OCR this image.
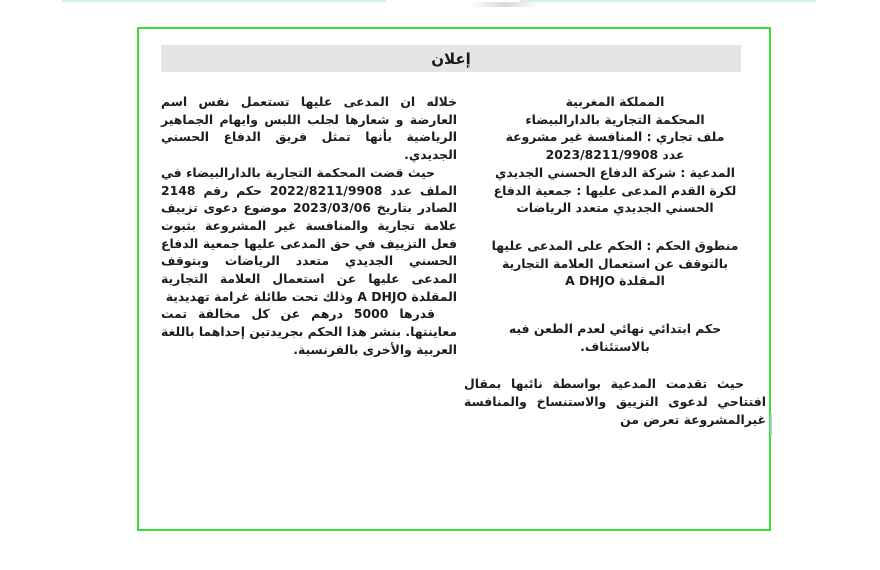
إعلان
المملكة المغربية
المحكمة التجارية بالدارالبيضاء
ملف تجاري : المنافسة غير مشروعة
عدد 2023/8211/9908
المدعية : شركة الدفاع الحسني الجديدي
لكرة القدم المدعى عليها : جمعية الدفاع
الحسني الجديدي متعدد الرياضات
منطوق الحكم : الحكم على المدعى عليها
بالتوقف عن استعمال العلامة التجارية
المقلدة A DHJO
حكم ابتدائي نهائي لعدم الطعن فيه
بالاستئناف.
حيث تقدمت المدعية بواسطة نائبها بمقال افتتاحي لدعوى التزييق والاستنساخ والمنافسة غيرالمشروعة تعرض من
خلاله ان المدعى عليها تستعمل نفس اسم العارضة و شعارها لجلب اللبس وايهام الجماهير الرياضية بأنها تمثل فريق الدفاع الحسني الجديدي.
حيث قضت المحكمة التجارية بالدارالبيضاء في الملف عدد 2022/8211/9908 حكم رقم 2148 الصادر بتاريخ 2023/03/06 موضوع دعوى تزييف علامة تجارية والمنافسة غير المشروعة بثبوت فعل التزييف في حق المدعى عليها جمعية الدفاع الحسني الجديدي متعدد الرياضات وبتوقف المدعى عليها عن استعمال العلامة التجارية المقلدة A DHJO وذلك تحت طائلة غرامة تهديدية
قدرها 5000 درهم عن كل مخالفة تمت معاينتها. بنشر هذا الحكم بجريدتين إحداهما باللغة العربية والأخرى بالفرنسية.
